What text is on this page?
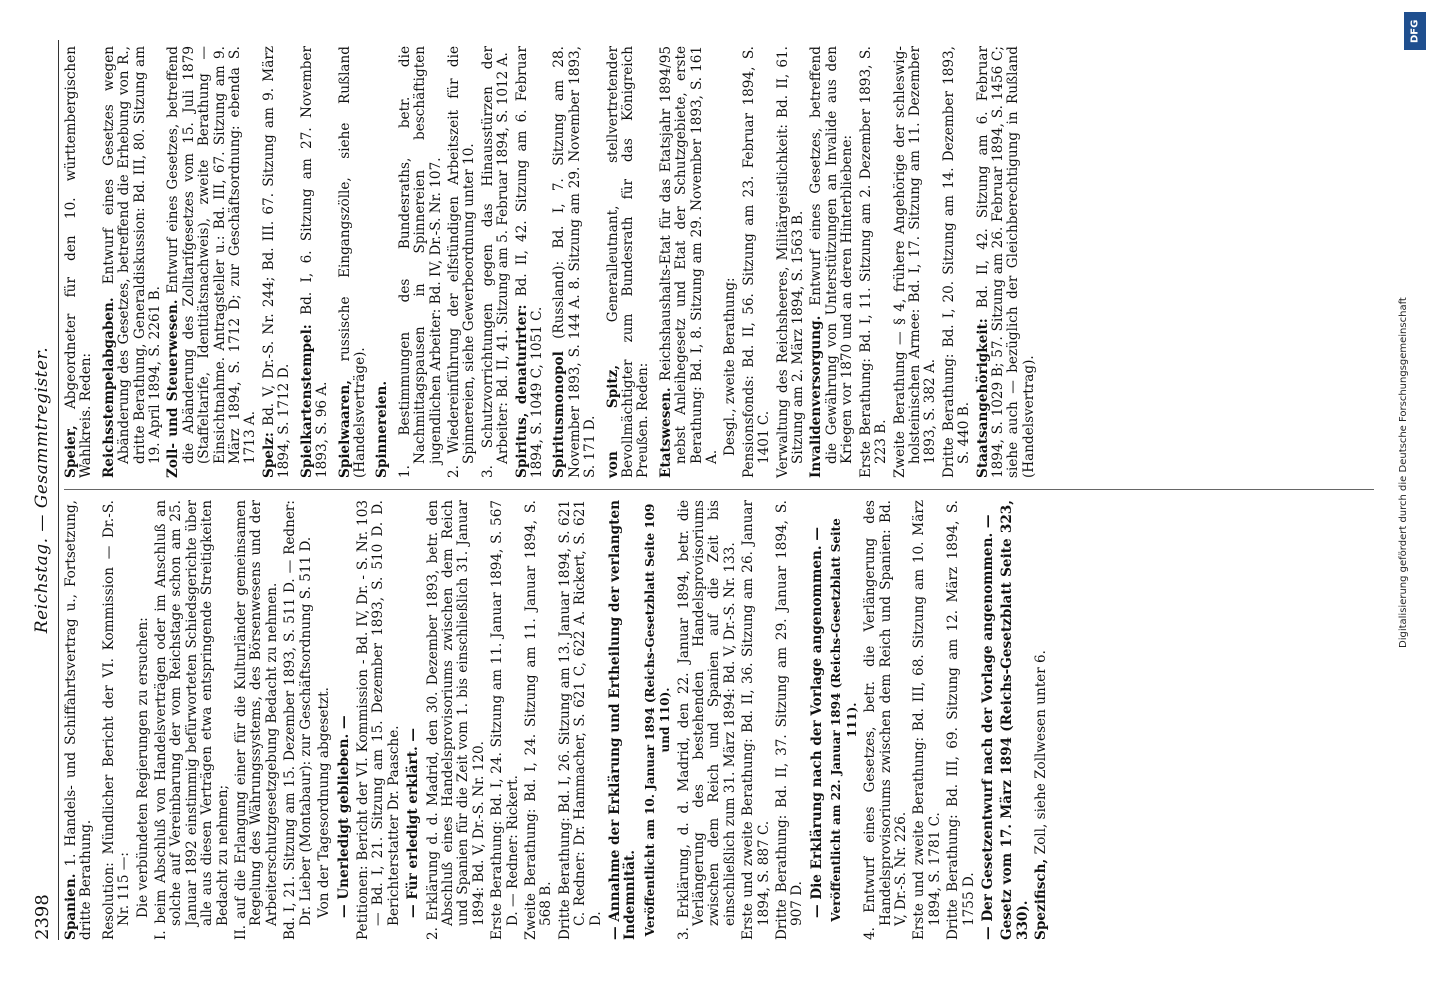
2398
Reichstag. — Gesammtregister.
Spanien. 1. Handels- und Schiffahrtsvertrag u., Fortsetzung, dritte Berathung. Resolution: Mündlicher Bericht der VI. Kommission — Dr.-S. Nr. 115 —: Die verbündeten Regierungen zu ersuchen: I. beim Abschluß von Handelsverträgen oder im Anschluß an solche auf Vereinbarung der vom Reichstage schon am 25. Januar 1892 einstimmig befürworteten Schiedsgerichte über alle aus diesen Verträgen etwa entspringende Streitigkeiten Bedacht zu nehmen; II. auf die Erlangung einer für die Kulturländer gemeinsamen Regelung des Währungssystems, des Börsenwesens und der Arbeiterschutzgesetzgebung Bedacht zu nehmen. Bd. I, 21. Sitzung am 15. Dezember 1893, S. 511 D. — Redner: Dr. Lieber (Montabaur): zur Geschäftsordnung S. 511 D. Von der Tagesordnung abgesetzt. — Unerledigt geblieben. — Petitionen: Bericht der VI. Kommission - Bd. IV, Dr. - S. Nr. 103 — Bd. I, 21. Sitzung am 15. Dezember 1893, S. 510 D. D. Berichterstatter Dr. Paasche. — Für erledigt erklärt. — 2. Erklärung d. d. Madrid, den 30. Dezember 1893, betr. den Abschluß eines Handelsprovisoriums zwischen dem Reich und Spanien für die Zeit vom 1. bis einschließlich 31. Januar 1894: Bd. V, Dr.-S. Nr. 120. Erste Berathung: Bd. I, 24. Sitzung am 11. Januar 1894, S. 567 D. — Redner: Rickert. Zweite Berathung: Bd. I, 24. Sitzung am 11. Januar 1894, S. 568 B. Dritte Berathung: Bd. I, 26. Sitzung am 13. Januar 1894, S. 621 C. Redner: Dr. Hammacher, S. 621 C, 622 A. Rickert, S. 621 D. — Annahme der Erklärung und Ertheilung der verlangten Indemnität. Veröffentlicht am 10. Januar 1894 (Reichs-Gesetzblatt Seite 109 und 110). 3. Erklärung, d. d. Madrid, den 22. Januar 1894, betr. die Verlängerung des bestehenden Handelsprovisoriums zwischen dem Reich und Spanien auf die Zeit bis einschließlich zum 31. März 1894: Bd. V, Dr.-S. Nr. 133. Erste und zweite Berathung: Bd. II, 36. Sitzung am 26. Januar 1894, S. 887 C. Dritte Berathung: Bd. II, 37. Sitzung am 29. Januar 1894, S. 907 D. — Die Erklärung nach der Vorlage angenommen. — Veröffentlicht am 22. Januar 1894 (Reichs-Gesetzblatt Seite 111). 4. Entwurf eines Gesetzes, betr. die Verlängerung des Handelsprovisoriums zwischen dem Reich und Spanien: Bd. V, Dr.-S. Nr. 226. Erste und zweite Berathung: Bd. III, 68. Sitzung am 10. März 1894, S. 1781 C. Dritte Berathung: Bd. III, 69. Sitzung am 12. März 1894, S. 1755 D. — Der Gesetzentwurf nach der Vorlage angenommen. — Gesetz vom 17. März 1894 (Reichs-Gesetzblatt Seite 323, 330). Spezifisch, Zoll, siehe Zollwesen unter 6.
Speier, Abgeordneter für den 10. württembergischen Wahlkreis. Reden: Reichsstempelabgaben. Entwurf eines Gesetzes wegen Abänderung des Gesetzes, betreffend die Erhebung von R., dritte Berathung, Generaldiskussion: Bd. III, 80. Sitzung am 19. April 1894, S. 2261 B. Zoll- und Steuerwesen. Entwurf eines Gesetzes, betreffend die Abänderung des Zolltarifgesetzes vom 15. Juli 1879 (Staffeltarife, Identitätsnachweis), zweite Berathung — Einsichtnahme. Antragsteller u.: Bd. III, 67. Sitzung am 9. März 1894, S. 1712 D; zur Geschäftsordnung: ebenda S. 1713 A. Spelz: Bd. V, Dr.-S. Nr. 244; Bd. III. 67. Sitzung am 9. März 1894, S. 1712 D. Spielkartenstempel: Bd. I, 6. Sitzung am 27. November 1893, S. 96 A. Spielwaaren, russische Eingangszölle, siehe Rußland (Handelsverträge). Spinnereien. 1. Bestimmungen des Bundesraths, betr. die Nachmittagspausen in Spinnereien beschäftigten jugendlichen Arbeiter: Bd. IV, Dr.-S. Nr. 107. 2. Wiedereinführung der elfstündigen Arbeitszeit für die Spinnereien, siehe Gewerbeordnung unter 10. 3. Schutzvorrichtungen gegen das Hinausstürzen der Arbeiter: Bd. II, 41. Sitzung am 5. Februar 1894, S. 1012 A. Spiritus, denaturirter: Bd. II, 42. Sitzung am 6. Februar 1894, S. 1049 C, 1051 C. Spiritusmonopol (Russland): Bd. I, 7. Sitzung am 28. November 1893, S. 144 A. 8. Sitzung am 29. November 1893, S. 171 D. von Spitz, Generalleutnant, stellvertretender Bevollmächtigter zum Bundesrath für das Königreich Preußen. Reden: Etatswesen. Reichshaushalts-Etat für das Etatsjahr 1894/95 nebst Anleihegesetz und Etat der Schutzgebiete, erste Berathung: Bd. I, 8. Sitzung am 29. November 1893, S. 161 A.
Desgl., zweite Berathung: Pensionsfonds: Bd. II, 56. Sitzung am 23. Februar 1894, S. 1401 C. Verwaltung des Reichsheeres, Militärgeistlichkeit: Bd. II, 61. Sitzung am 2. März 1894, S. 1563 B. Invalidenversorgung. Entwurf eines Gesetzes, betreffend die Gewährung von Unterstützungen an Invalide aus den Kriegen vor 1870 und an deren Hinterbliebene: Erste Berathung: Bd. I, 11. Sitzung am 2. Dezember 1893, S. 223 B. Zweite Berathung — § 4, frühere Angehörige der schleswig-holsteinischen Armee: Bd. I, 17. Sitzung am 11. Dezember 1893, S. 382 A. Dritte Berathung: Bd. I, 20. Sitzung am 14. Dezember 1893, S. 440 B. Staatsangehörigkeit: Bd. II, 42. Sitzung am 6. Februar 1894, S. 1029 B; 57. Sitzung am 26. Februar 1894, S. 1456 C; siehe auch — bezüglich der Gleichberechtigung in Rußland (Handelsvertrag).
DFG
Digitalisierung gefördert durch die Deutsche Forschungsgemeinschaft
